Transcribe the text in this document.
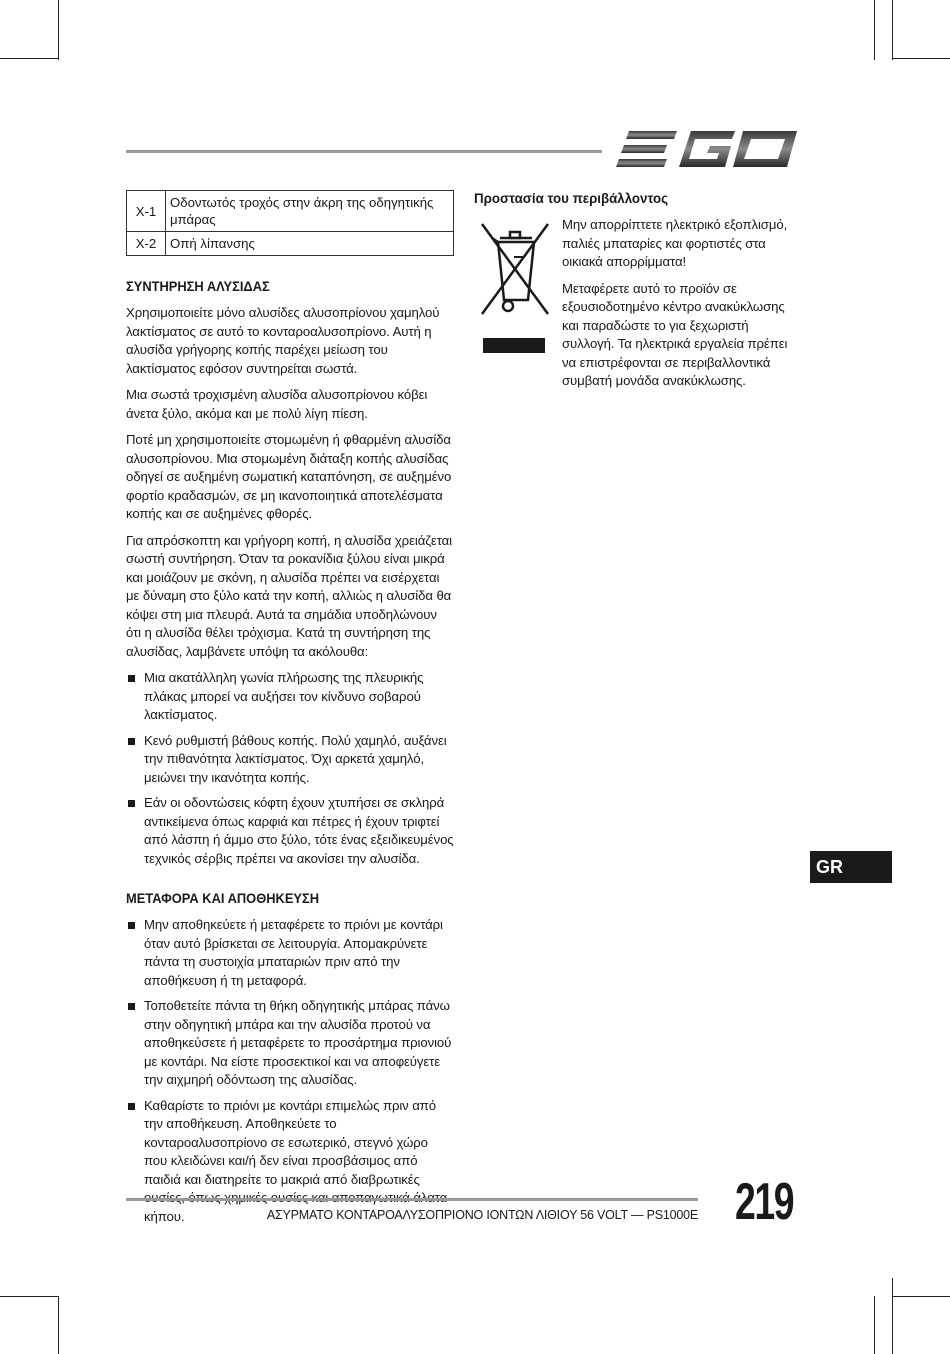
X-1	Οδοντωτός τροχός στην άκρη της οδηγητικής μπάρας
X-2	Οπή λίπανσης
ΣΥΝΤΗΡΗΣΗ ΑΛΥΣΙΔΑΣ

Χρησιμοποιείτε μόνο αλυσίδες αλυσοπρίονου χαμηλού λακτίσματος σε αυτό το κονταροαλυσοπρίονο. Αυτή η αλυσίδα γρήγορης κοπής παρέχει μείωση του λακτίσματος εφόσον συντηρείται σωστά.

Μια σωστά τροχισμένη αλυσίδα αλυσοπρίονου κόβει άνετα ξύλο, ακόμα και με πολύ λίγη πίεση.

Ποτέ μη χρησιμοποιείτε στομωμένη ή φθαρμένη αλυσίδα αλυσοπρίονου. Μια στομωμένη διάταξη κοπής αλυσίδας οδηγεί σε αυξημένη σωματική καταπόνηση, σε αυξημένο φορτίο κραδασμών, σε μη ικανοποιητικά αποτελέσματα κοπής και σε αυξημένες φθορές.

Για απρόσκοπτη και γρήγορη κοπή, η αλυσίδα χρειάζεται σωστή συντήρηση. Όταν τα ροκανίδια ξύλου είναι μικρά και μοιάζουν με σκόνη, η αλυσίδα πρέπει να εισέρχεται με δύναμη στο ξύλο κατά την κοπή, αλλιώς η αλυσίδα θα κόψει στη μια πλευρά. Αυτά τα σημάδια υποδηλώνουν ότι η αλυσίδα θέλει τρόχισμα. Κατά τη συντήρηση της αλυσίδας, λαμβάνετε υπόψη τα ακόλουθα:

Μια ακατάλληλη γωνία πλήρωσης της πλευρικής πλάκας μπορεί να αυξήσει τον κίνδυνο σοβαρού λακτίσματος.
Κενό ρυθμιστή βάθους κοπής. Πολύ χαμηλό, αυξάνει την πιθανότητα λακτίσματος. Όχι αρκετά χαμηλό, μειώνει την ικανότητα κοπής.
Εάν οι οδοντώσεις κόφτη έχουν χτυπήσει σε σκληρά αντικείμενα όπως καρφιά και πέτρες ή έχουν τριφτεί από λάσπη ή άμμο στο ξύλο, τότε ένας εξειδικευμένος τεχνικός σέρβις πρέπει να ακονίσει την αλυσίδα.
ΜΕΤΑΦΟΡΑ ΚΑΙ ΑΠΟΘΗΚΕΥΣΗ
Μην αποθηκεύετε ή μεταφέρετε το πριόνι με κοντάρι όταν αυτό βρίσκεται σε λειτουργία. Απομακρύνετε πάντα τη συστοιχία μπαταριών πριν από την αποθήκευση ή τη μεταφορά.
Τοποθετείτε πάντα τη θήκη οδηγητικής μπάρας πάνω στην οδηγητική μπάρα και την αλυσίδα προτού να αποθηκεύσετε ή μεταφέρετε το προσάρτημα πριονιού με κοντάρι. Να είστε προσεκτικοί και να αποφεύγετε την αιχμηρή οδόντωση της αλυσίδας.
Καθαρίστε το πριόνι με κοντάρι επιμελώς πριν από την αποθήκευση. Αποθηκεύετε το κονταροαλυσοπρίονο σε εσωτερικό, στεγνό χώρο που κλειδώνει και/ή δεν είναι προσβάσιμος από παιδιά και διατηρείτε το μακριά από διαβρωτικές κήπου.
Προστασία του περιβάλλοντος

Μην απορρίπτετε ηλεκτρικό εξοπλισμό, παλιές μπαταρίες και φορτιστές στα οικιακά απορρίμματα!

Μεταφέρετε αυτό το προϊόν σε εξουσιοδοτημένο κέντρο ανακύκλωσης και παραδώστε το για ξεχωριστή συλλογή. Τα ηλεκτρικά εργαλεία πρέπει να επιστρέφονται σε περιβαλλοντικά συμβατή μονάδα ανακύκλωσης.

GR
ΑΣΥΡΜΑΤΟ ΚΟΝΤΑΡΟΑΛΥΣΟΠΡΙΟΝΟ ΙΟΝΤΩΝ ΛΙΘΙΟΥ 56 VOLT — PS1000E 219
